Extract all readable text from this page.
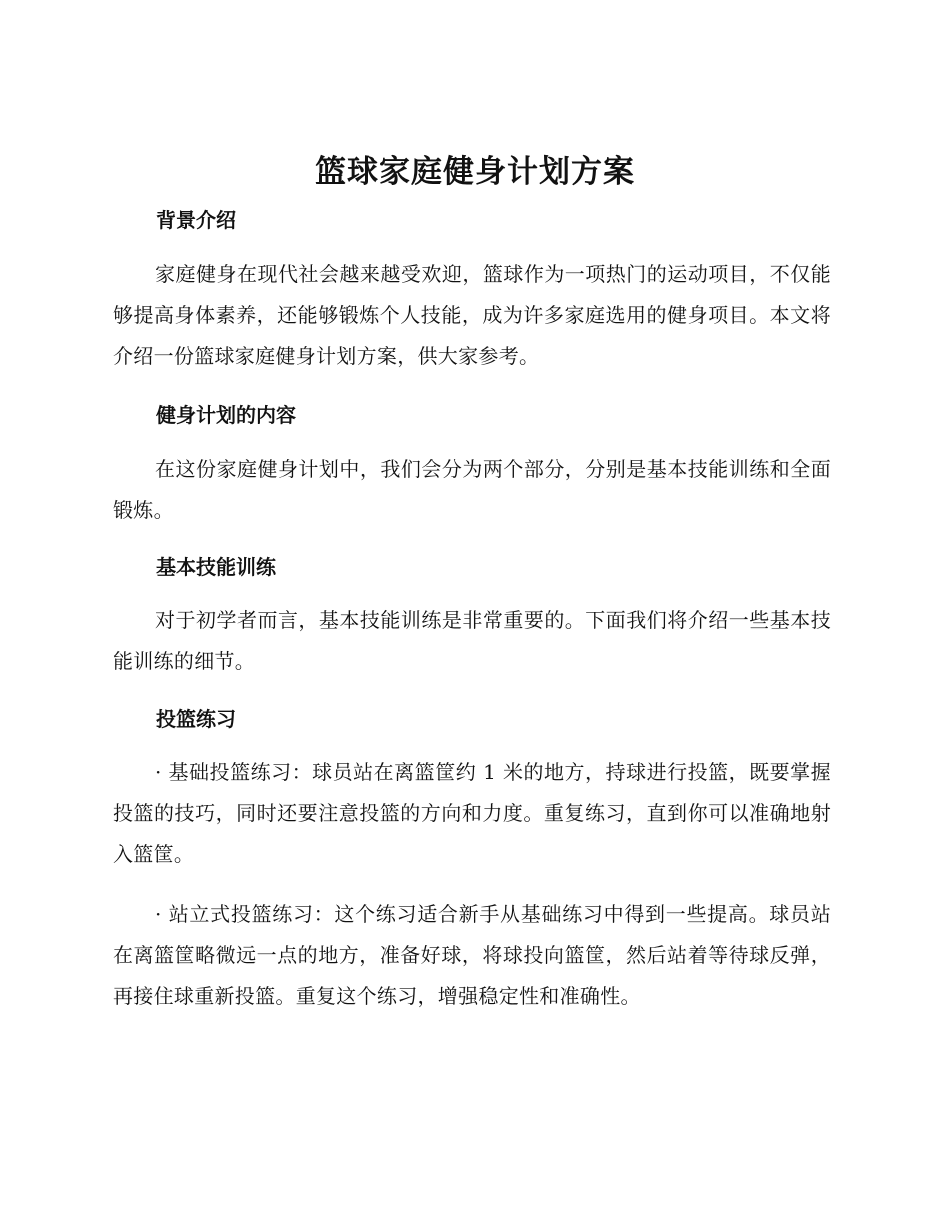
篮球家庭健身计划方案
背景介绍

家庭健身在现代社会越来越受欢迎，篮球作为一项热门的运动项目，不仅能够提高身体素养，还能够锻炼个人技能，成为许多家庭选用的健身项目。本文将介绍一份篮球家庭健身计划方案，供大家参考。

健身计划的内容

在这份家庭健身计划中，我们会分为两个部分，分别是基本技能训练和全面锻炼。

基本技能训练

对于初学者而言，基本技能训练是非常重要的。下面我们将介绍一些基本技能训练的细节。

投篮练习

· 基础投篮练习：球员站在离篮筐约 1 米的地方，持球进行投篮，既要掌握投篮的技巧，同时还要注意投篮的方向和力度。重复练习，直到你可以准确地射入篮筐。

· 站立式投篮练习：这个练习适合新手从基础练习中得到一些提高。球员站在离篮筐略微远一点的地方，准备好球，将球投向篮筐，然后站着等待球反弹，再接住球重新投篮。重复这个练习，增强稳定性和准确性。
